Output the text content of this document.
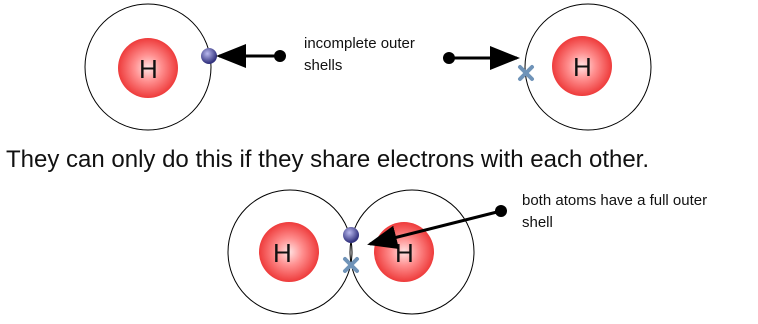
H	H
incomplete outer
shells
H	H
both atoms have a full outer
shell

They can only do this if they share electrons with each other.
